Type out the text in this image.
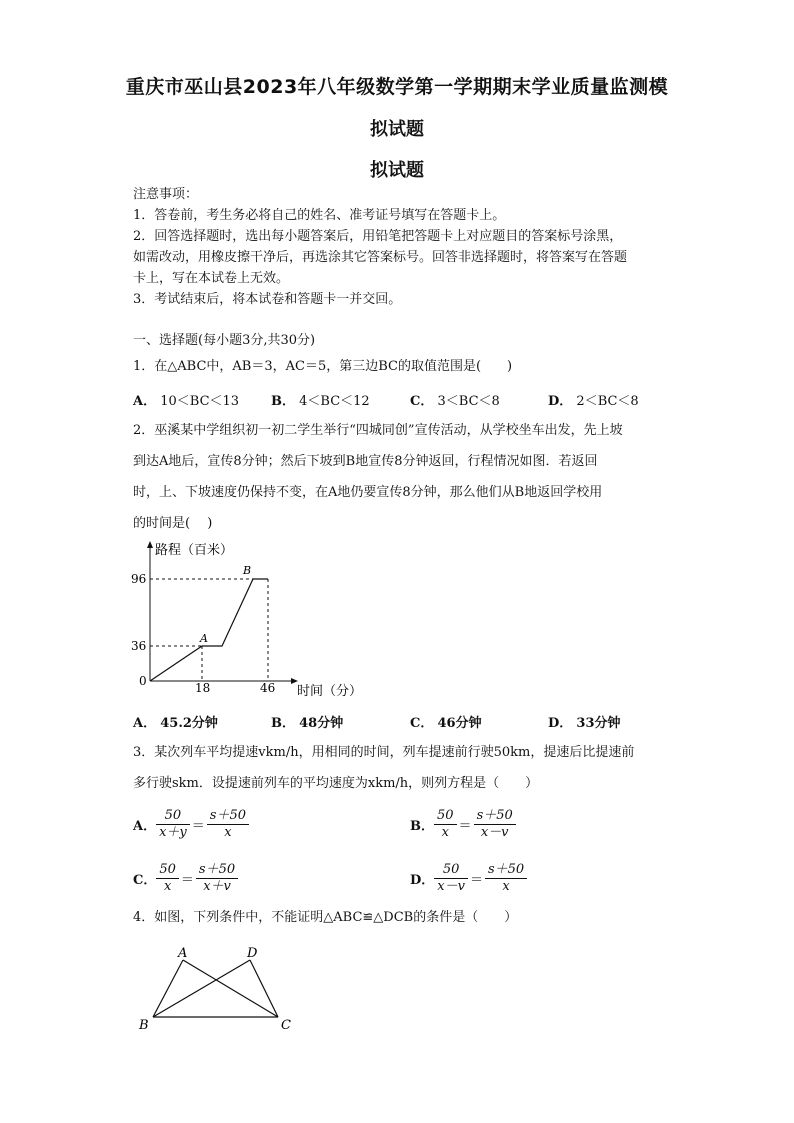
重庆市巫山县2023年八年级数学第一学期期末学业质量监测模
拟试题
拟试题
注意事项：
1．答卷前，考生务必将自己的姓名、准考证号填写在答题卡上。
2．回答选择题时，选出每小题答案后，用铅笔把答题卡上对应题目的答案标号涂黑，
如需改动，用橡皮擦干净后，再选涂其它答案标号。回答非选择题时，将答案写在答题
卡上，写在本试卷上无效。
3．考试结束后，将本试卷和答题卡一并交回。
一、选择题(每小题3分,共30分)
1．在△ABC中，AB＝3，AC＝5，第三边BC的取值范围是(　　)
A． 10＜BC＜13 B． 4＜BC＜12	C． 3＜BC＜8	D． 2＜BC＜8
2．巫溪某中学组织初一初二学生举行“四城同创”宣传活动，从学校坐车出发，先上坡
到达A地后，宣传8分钟；然后下坡到B地宣传8分钟返回，行程情况如图．若返回
时，上、下坡速度仍保持不变，在A地仍要宣传8分钟，那么他们从B地返回学校用
的时间是(　 )
路程（百米）
时间（分）
0
96
36
18	46
A
B
A． 45.2分钟	B． 48分钟	C． 46分钟	D． 33分钟
3．某次列车平均提速vkm/h，用相同的时间，列车提速前行驶50km，提速后比提速前
多行驶skm．设提速前列车的平均速度为xkm/h，则列方程是（　　）
A． $\frac{50}{x+y} = \frac{s+50}{x}$	B． $\frac{50}{x} = \frac{s+50}{x-v}$
C． $\frac{50}{x} = \frac{s+50}{x+v}$	D． $\frac{50}{x-v} = \frac{s+50}{x}$
4．如图，下列条件中，不能证明△ABC≌△DCB的条件是（　　）
A	D
B	C
